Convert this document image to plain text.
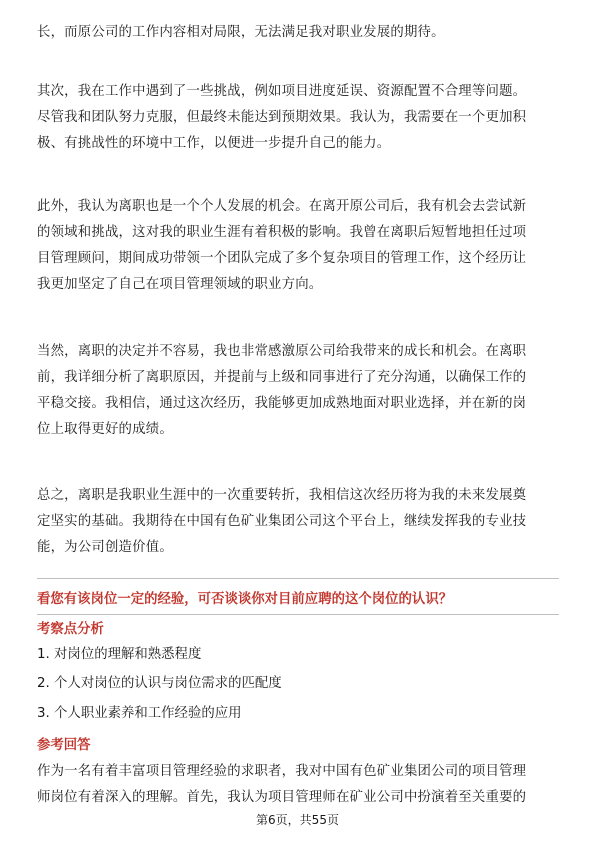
长，而原公司的工作内容相对局限，无法满足我对职业发展的期待。
其次，我在工作中遇到了一些挑战，例如项目进度延误、资源配置不合理等问题。
尽管我和团队努力克服，但最终未能达到预期效果。我认为，我需要在一个更加积
极、有挑战性的环境中工作，以便进一步提升自己的能力。
此外，我认为离职也是一个个人发展的机会。在离开原公司后，我有机会去尝试新
的领域和挑战，这对我的职业生涯有着积极的影响。我曾在离职后短暂地担任过项
目管理顾问，期间成功带领一个团队完成了多个复杂项目的管理工作，这个经历让
我更加坚定了自己在项目管理领域的职业方向。
当然，离职的决定并不容易，我也非常感激原公司给我带来的成长和机会。在离职
前，我详细分析了离职原因，并提前与上级和同事进行了充分沟通，以确保工作的
平稳交接。我相信，通过这次经历，我能够更加成熟地面对职业选择，并在新的岗
位上取得更好的成绩。
总之，离职是我职业生涯中的一次重要转折，我相信这次经历将为我的未来发展奠
定坚实的基础。我期待在中国有色矿业集团公司这个平台上，继续发挥我的专业技
能，为公司创造价值。
看您有该岗位一定的经验，可否谈谈你对目前应聘的这个岗位的认识？
考察点分析
1. 对岗位的理解和熟悉程度
2. 个人对岗位的认识与岗位需求的匹配度
3. 个人职业素养和工作经验的应用
参考回答
作为一名有着丰富项目管理经验的求职者，我对中国有色矿业集团公司的项目管理
师岗位有着深入的理解。首先，我认为项目管理师在矿业公司中扮演着至关重要的
第6页，共55页
